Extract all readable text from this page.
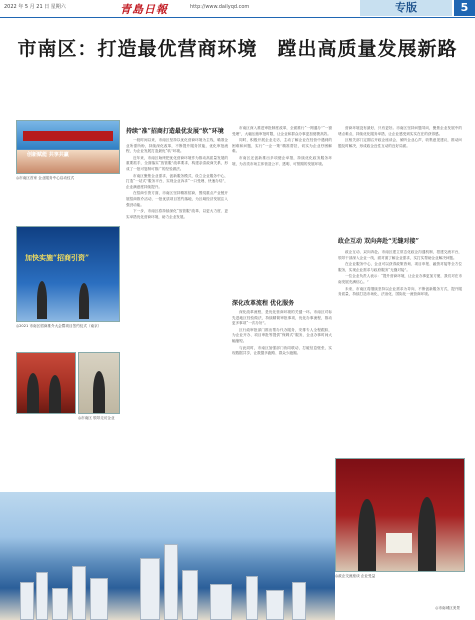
2022 年 5 月 21 日 星期六	青島日報	http://www.dailyqd.com	专版	5
市南区：打造最优营商环境　蹚出高质量发展新路
创新赋能 共享共赢
◎市南区首家 企业服务中心启动仪式
持续“准”招商打造最优发展“软”环境
加快实施“招商引资”
◎2021 市南区招商推介大会暨项目签约仪式（南京）
◎市南区 领导走访企业

一段时间以来，市南区坚持以优化营商环境为主线，瞄准企业所需所盼，持续深化改革，不断提升服务效能，优化审批流程，为企业发展打造最优“软”环境。

近年来，市南区始终把优化营商环境作为推动高质量发展的重要抓手，全面落实“放管服”改革要求，构建亲清政商关系，形成了一批可复制可推广的经验做法。

市南区聚焦企业需求，创新服务模式，设立企业服务中心，打造“一站式”服务平台，实现企业诉求“一口受理、快速办结”，企业满意度持续提升。

在招商引资方面，市南区坚持精准招商，围绕重点产业链开展招商推介活动，一批优质项目签约落地，为区域经济发展注入强劲动能。

下一步，市南区将持续深化“放管服”改革，以更大力度、更实举措优化营商环境，助力企业发展。

深化改革流程 优化服务

市南区深入推进审批制度改革，全面推行“一网通办”“一窗受理”，大幅压缩审批时限，让企业和群众办事更加便捷高效。

同时，积极开展企业走访，主动了解企业在经营中遇到的困难和问题，实行“一企一策”精准帮扶，切实为企业纾困解难。

市南区还创新推出多项便企举措，持续优化政务服务环境，为各类市场主体营造公平、透明、可预期的发展环境。

深化改革流程，是优化营商环境的关键一环。市南区对标先进地区经验做法，持续精简审批事项，优化办事流程，推动更多事项“一次办好”。

区行政审批部门推出帮办代办服务，安排专人全程跟踪，为企业开办、项目审批等提供“保姆式”服务，企业办事时间大幅缩短。

与此同时，市南区加强部门协同联动，打破信息壁垒，实现数据共享，让数据多跑路、群众少跑腿。

政企互动 双向奔赴“无缝对接”

营商环境没有最好，只有更好。市南区坚持问题导向，聚焦企业发展中的堵点难点，持续优化服务举措，让企业感受到实实在在的获得感。

区相关部门定期召开政企座谈会，倾听企业心声，收集意见建议，推动问题及时解决，形成政企良性互动的良好局面。

政企互动、双向奔赴。市南区建立常态化政企沟通机制，搭建交流平台，领导干部深入企业一线，面对面了解企业需求，实打实帮助企业解决问题。

在企业服务中心，企业可以获得政策咨询、项目申报、融资对接等全方位服务，实现企业需求与政府服务“无缝对接”。

一位企业负责人表示：“提升营商环境，让企业办事更加方便，我们对在市南发展充满信心。”

未来，市南区将继续坚持以企业需求为导向，不断创新服务方式，提升服务质量，持续打造市场化、法治化、国际化一流营商环境。

◎政企交流座谈 企业受益
◎市南城区美景
